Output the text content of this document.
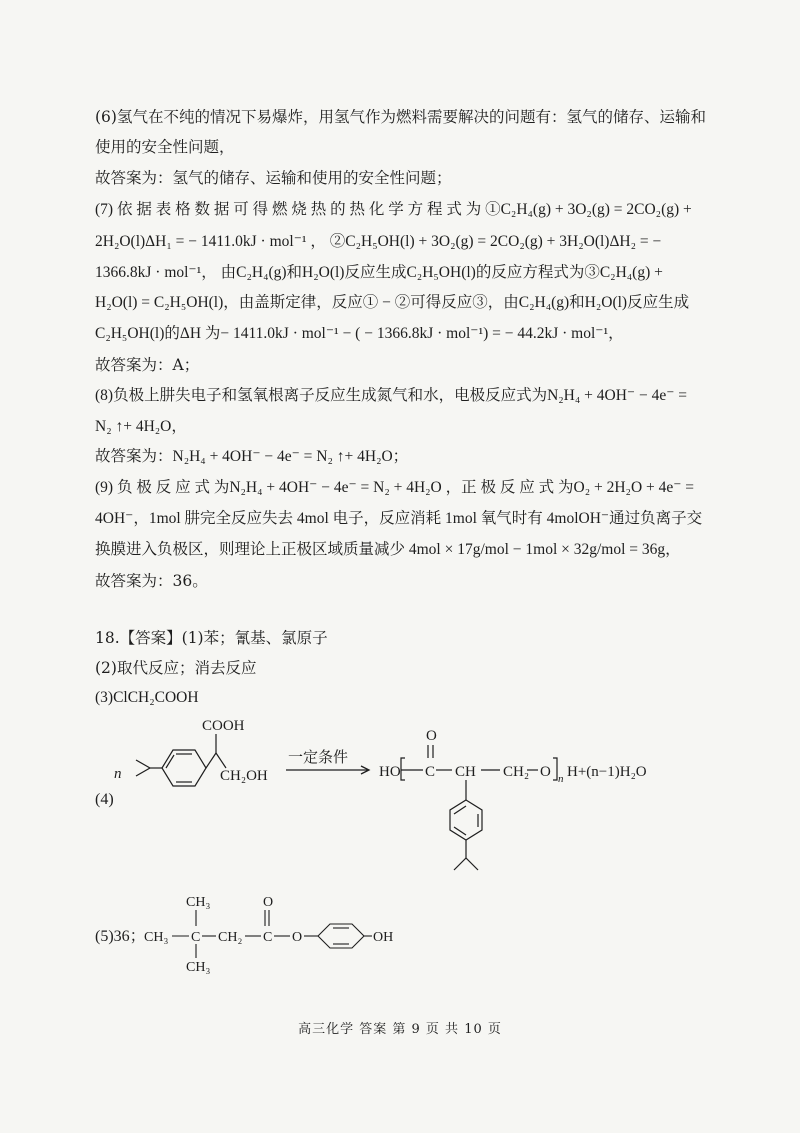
(6)氢气在不纯的情况下易爆炸，用氢气作为燃料需要解决的问题有：氢气的储存、运输和
使用的安全性问题，
故答案为：氢气的储存、运输和使用的安全性问题；
(7) 依 据 表 格 数 据 可 得 燃 烧 热 的 热 化 学 方 程 式 为 ①C₂H₄(g) + 3O₂(g) = 2CO₂(g) +
2H₂O(l)ΔH₁ = − 1411.0kJ · mol⁻¹ ， ②C₂H₅OH(l) + 3O₂(g) = 2CO₂(g) + 3H₂O(l)ΔH₂ = −
1366.8kJ · mol⁻¹， 由C₂H₄(g)和H₂O(l)反应生成C₂H₅OH(l)的反应方程式为③C₂H₄(g) +
H₂O(l) = C₂H₅OH(l)，由盖斯定律，反应① − ②可得反应③，由C₂H₄(g)和H₂O(l)反应生成
C₂H₅OH(l)的ΔH 为− 1411.0kJ · mol⁻¹ − ( − 1366.8kJ · mol⁻¹) = − 44.2kJ · mol⁻¹，
故答案为：A；
(8)负极上肼失电子和氢氧根离子反应生成氮气和水，电极反应式为N₂H₄ + 4OH⁻ − 4e⁻ =
N₂ ↑+ 4H₂O，
故答案为：N₂H₄ + 4OH⁻ − 4e⁻ = N₂ ↑+ 4H₂O；
(9) 负 极 反 应 式 为N₂H₄ + 4OH⁻ − 4e⁻ = N₂ + 4H₂O ，正 极 反 应 式 为O₂ + 2H₂O + 4e⁻ =
4OH⁻，1mol 肼完全反应失去 4mol 电子，反应消耗 1mol 氧气时有 4molOH⁻通过负离子交
换膜进入负极区，则理论上正极区域质量减少 4mol × 17g/mol − 1mol × 32g/mol = 36g，
故答案为：36。
18.【答案】(1)苯；氰基、氯原子
(2)取代反应；消去反应
(3)ClCH₂COOH
(4)
n
COOH
CH₂OH
一定条件
HO
O
C CH CH₂ O n H+(n−1)H₂O
(5)36；
CH₃
CH₃ C
CH₃
CH₂ C
O
O	OH
高三化学 答案 第 9 页 共 10 页
